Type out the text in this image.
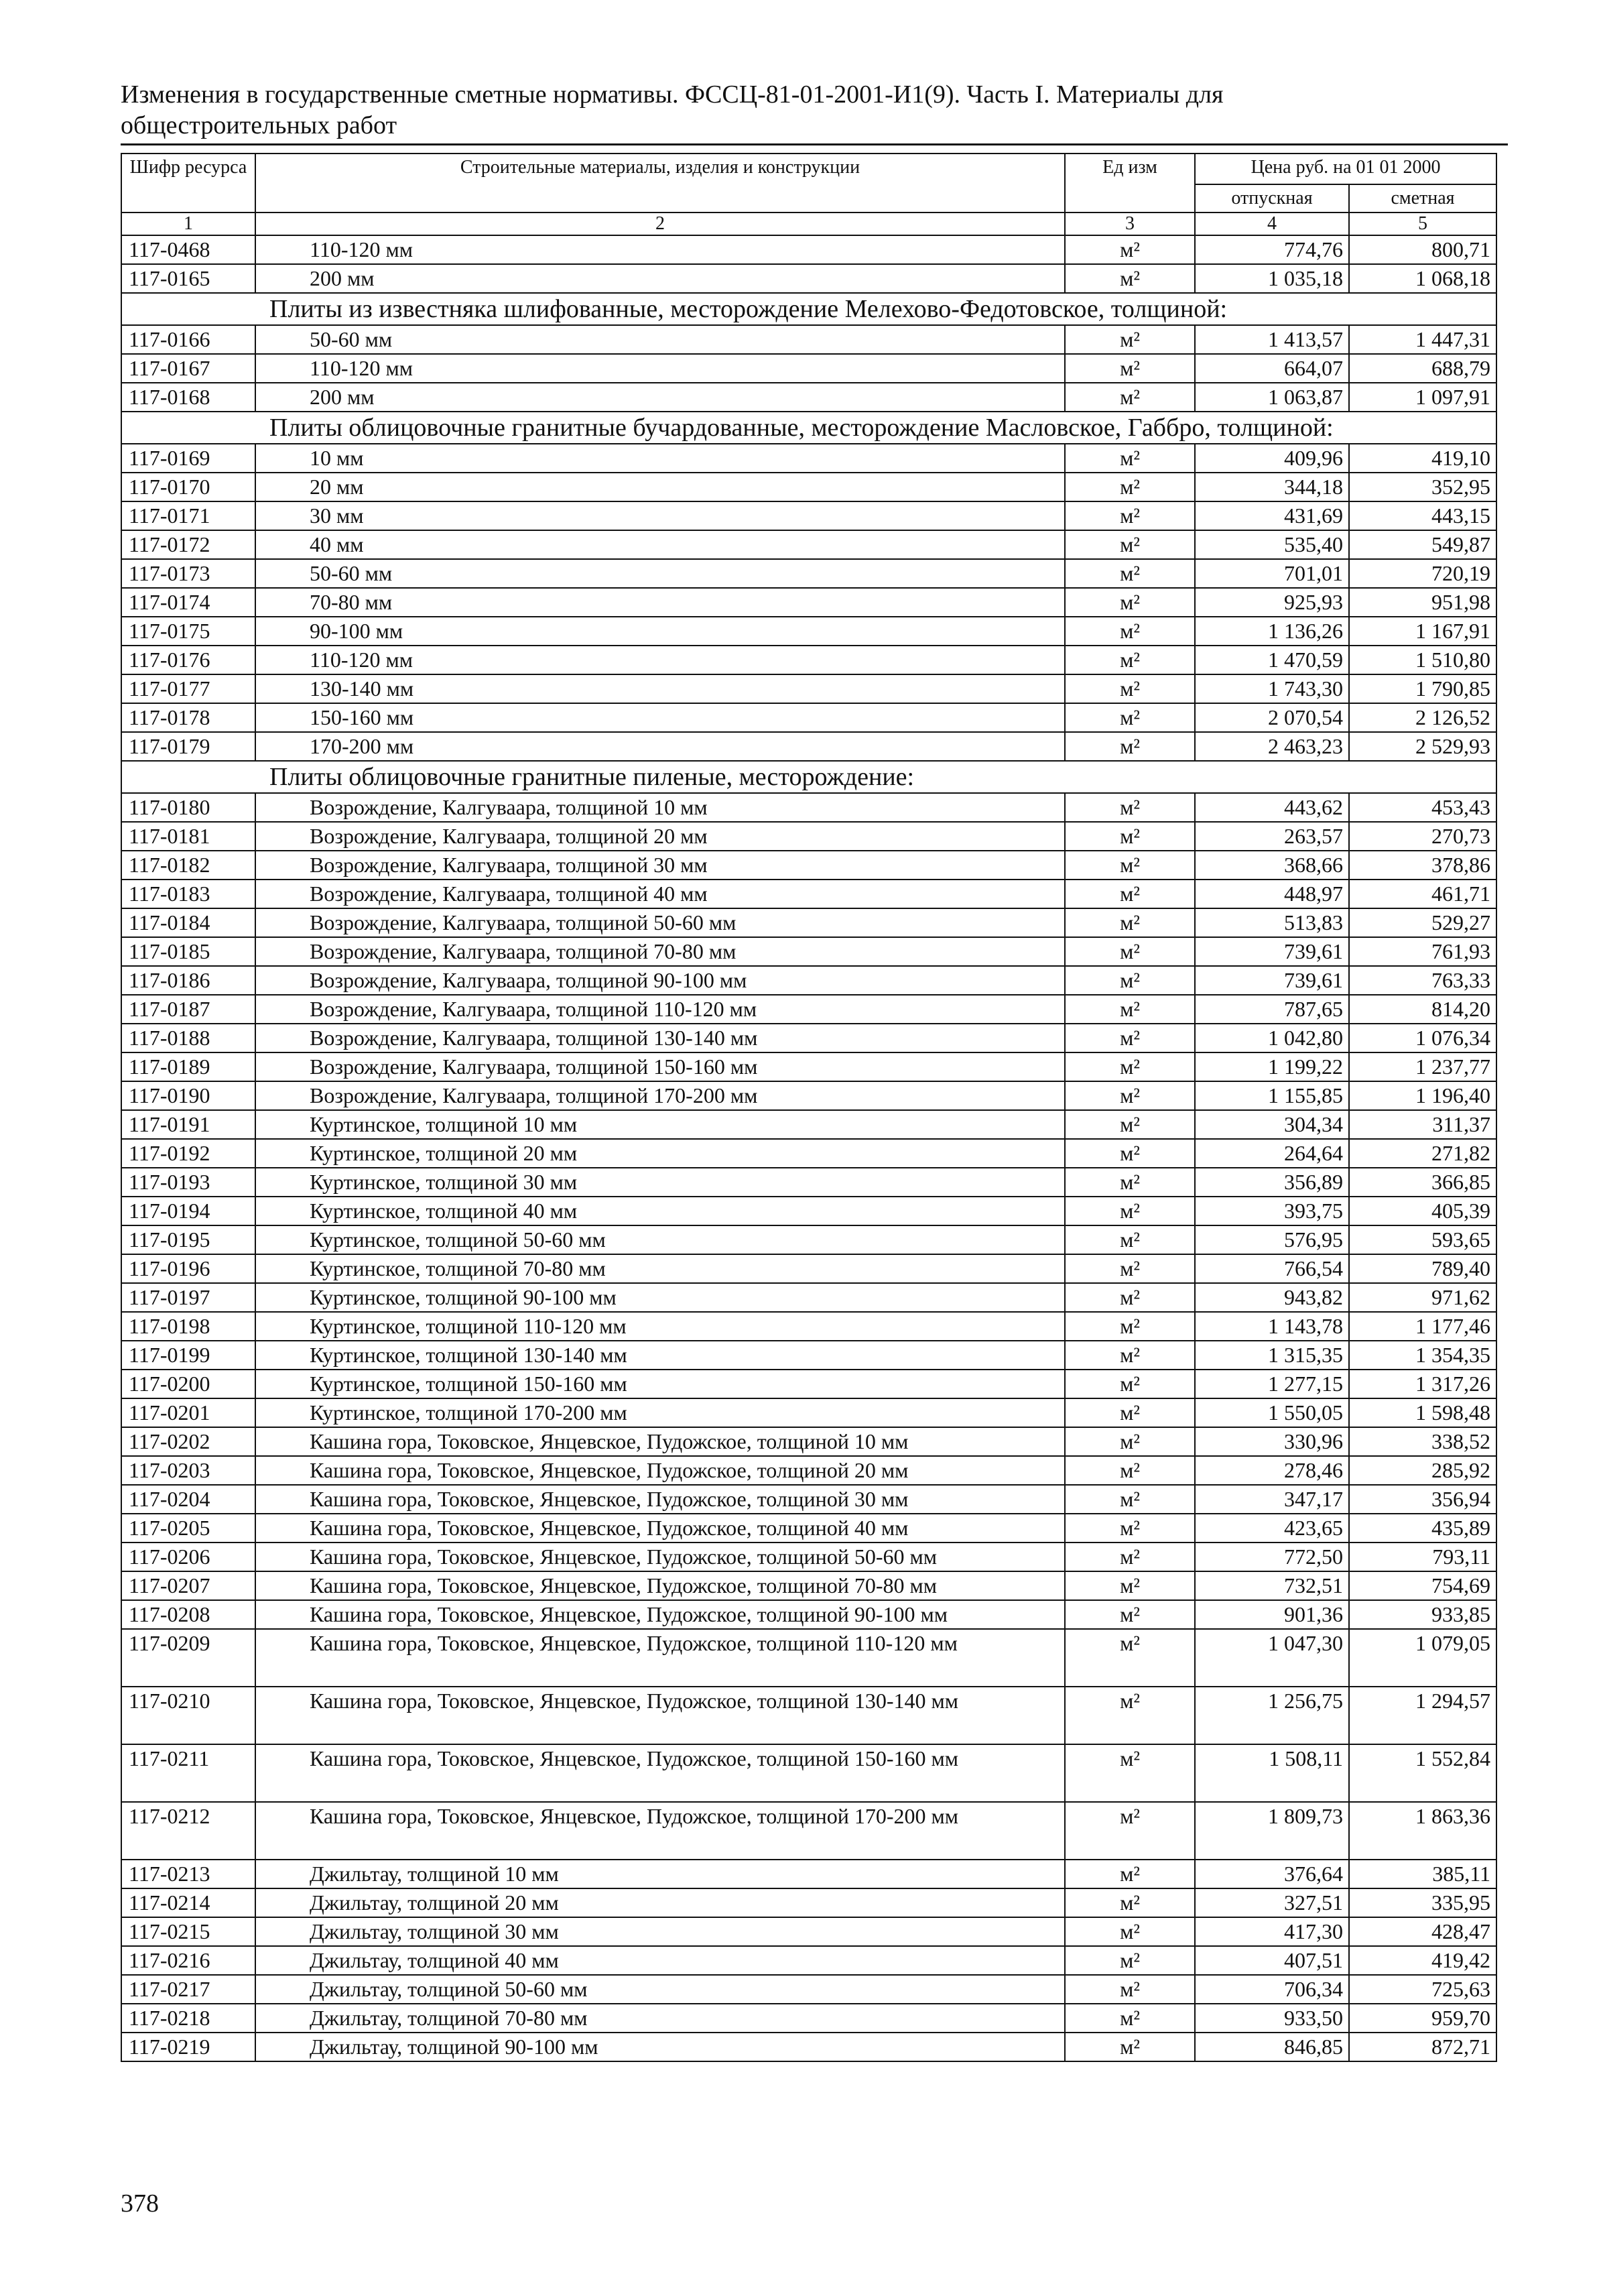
Изменения в государственные сметные нормативы. ФССЦ-81-01-2001-И1(9). Часть I. Материалы для общестроительных работ
Шифр ресурса	Строительные материалы, изделия и конструкции	Ед изм	Цена руб. на 01 01 2000	
			отпускная	сметная
1	2	3	4	5
117-0468	110-120 мм	м²	774,76	800,71
117-0165	200 мм	м²	1 035,18	1 068,18
Плиты из известняка шлифованные, месторождение Мелехово-Федотовское, толщиной:				
117-0166	50-60 мм	м²	1 413,57	1 447,31
117-0167	110-120 мм	м²	664,07	688,79
117-0168	200 мм	м²	1 063,87	1 097,91
Плиты облицовочные гранитные бучардованные, месторождение Масловское, Габбро, толщиной:				
117-0169	10 мм	м²	409,96	419,10
117-0170	20 мм	м²	344,18	352,95
117-0171	30 мм	м²	431,69	443,15
117-0172	40 мм	м²	535,40	549,87
117-0173	50-60 мм	м²	701,01	720,19
117-0174	70-80 мм	м²	925,93	951,98
117-0175	90-100 мм	м²	1 136,26	1 167,91
117-0176	110-120 мм	м²	1 470,59	1 510,80
117-0177	130-140 мм	м²	1 743,30	1 790,85
117-0178	150-160 мм	м²	2 070,54	2 126,52
117-0179	170-200 мм	м²	2 463,23	2 529,93
Плиты облицовочные гранитные пиленые, месторождение:				
117-0180	Возрождение, Калгуваара, толщиной 10 мм	м²	443,62	453,43
117-0181	Возрождение, Калгуваара, толщиной 20 мм	м²	263,57	270,73
117-0182	Возрождение, Калгуваара, толщиной 30 мм	м²	368,66	378,86
117-0183	Возрождение, Калгуваара, толщиной 40 мм	м²	448,97	461,71
117-0184	Возрождение, Калгуваара, толщиной 50-60 мм	м²	513,83	529,27
117-0185	Возрождение, Калгуваара, толщиной 70-80 мм	м²	739,61	761,93
117-0186	Возрождение, Калгуваара, толщиной 90-100 мм	м²	739,61	763,33
117-0187	Возрождение, Калгуваара, толщиной 110-120 мм	м²	787,65	814,20
117-0188	Возрождение, Калгуваара, толщиной 130-140 мм	м²	1 042,80	1 076,34
117-0189	Возрождение, Калгуваара, толщиной 150-160 мм	м²	1 199,22	1 237,77
117-0190	Возрождение, Калгуваара, толщиной 170-200 мм	м²	1 155,85	1 196,40
117-0191	Куртинское, толщиной 10 мм	м²	304,34	311,37
117-0192	Куртинское, толщиной 20 мм	м²	264,64	271,82
117-0193	Куртинское, толщиной 30 мм	м²	356,89	366,85
117-0194	Куртинское, толщиной 40 мм	м²	393,75	405,39
117-0195	Куртинское, толщиной 50-60 мм	м²	576,95	593,65
117-0196	Куртинское, толщиной 70-80 мм	м²	766,54	789,40
117-0197	Куртинское, толщиной 90-100 мм	м²	943,82	971,62
117-0198	Куртинское, толщиной 110-120 мм	м²	1 143,78	1 177,46
117-0199	Куртинское, толщиной 130-140 мм	м²	1 315,35	1 354,35
117-0200	Куртинское, толщиной 150-160 мм	м²	1 277,15	1 317,26
117-0201	Куртинское, толщиной 170-200 мм	м²	1 550,05	1 598,48
117-0202	Кашина гора, Токовское, Янцевское, Пудожское, толщиной 10 мм	м²	330,96	338,52
117-0203	Кашина гора, Токовское, Янцевское, Пудожское, толщиной 20 мм	м²	278,46	285,92
117-0204	Кашина гора, Токовское, Янцевское, Пудожское, толщиной 30 мм	м²	347,17	356,94
117-0205	Кашина гора, Токовское, Янцевское, Пудожское, толщиной 40 мм	м²	423,65	435,89
117-0206	Кашина гора, Токовское, Янцевское, Пудожское, толщиной 50-60 мм	м²	772,50	793,11
117-0207	Кашина гора, Токовское, Янцевское, Пудожское, толщиной 70-80 мм	м²	732,51	754,69
117-0208	Кашина гора, Токовское, Янцевское, Пудожское, толщиной 90-100 мм	м²	901,36	933,85
117-0209	Кашина гора, Токовское, Янцевское, Пудожское, толщиной 110-120 мм	м²	1 047,30	1 079,05
117-0210	Кашина гора, Токовское, Янцевское, Пудожское, толщиной 130-140 мм	м²	1 256,75	1 294,57
117-0211	Кашина гора, Токовское, Янцевское, Пудожское, толщиной 150-160 мм	м²	1 508,11	1 552,84
117-0212	Кашина гора, Токовское, Янцевское, Пудожское, толщиной 170-200 мм	м²	1 809,73	1 863,36
117-0213	Джильтау, толщиной 10 мм	м²	376,64	385,11
117-0214	Джильтау, толщиной 20 мм	м²	327,51	335,95
117-0215	Джильтау, толщиной 30 мм	м²	417,30	428,47
117-0216	Джильтау, толщиной 40 мм	м²	407,51	419,42
117-0217	Джильтау, толщиной 50-60 мм	м²	706,34	725,63
117-0218	Джильтау, толщиной 70-80 мм	м²	933,50	959,70
117-0219	Джильтау, толщиной 90-100 мм	м²	846,85	872,71
378
